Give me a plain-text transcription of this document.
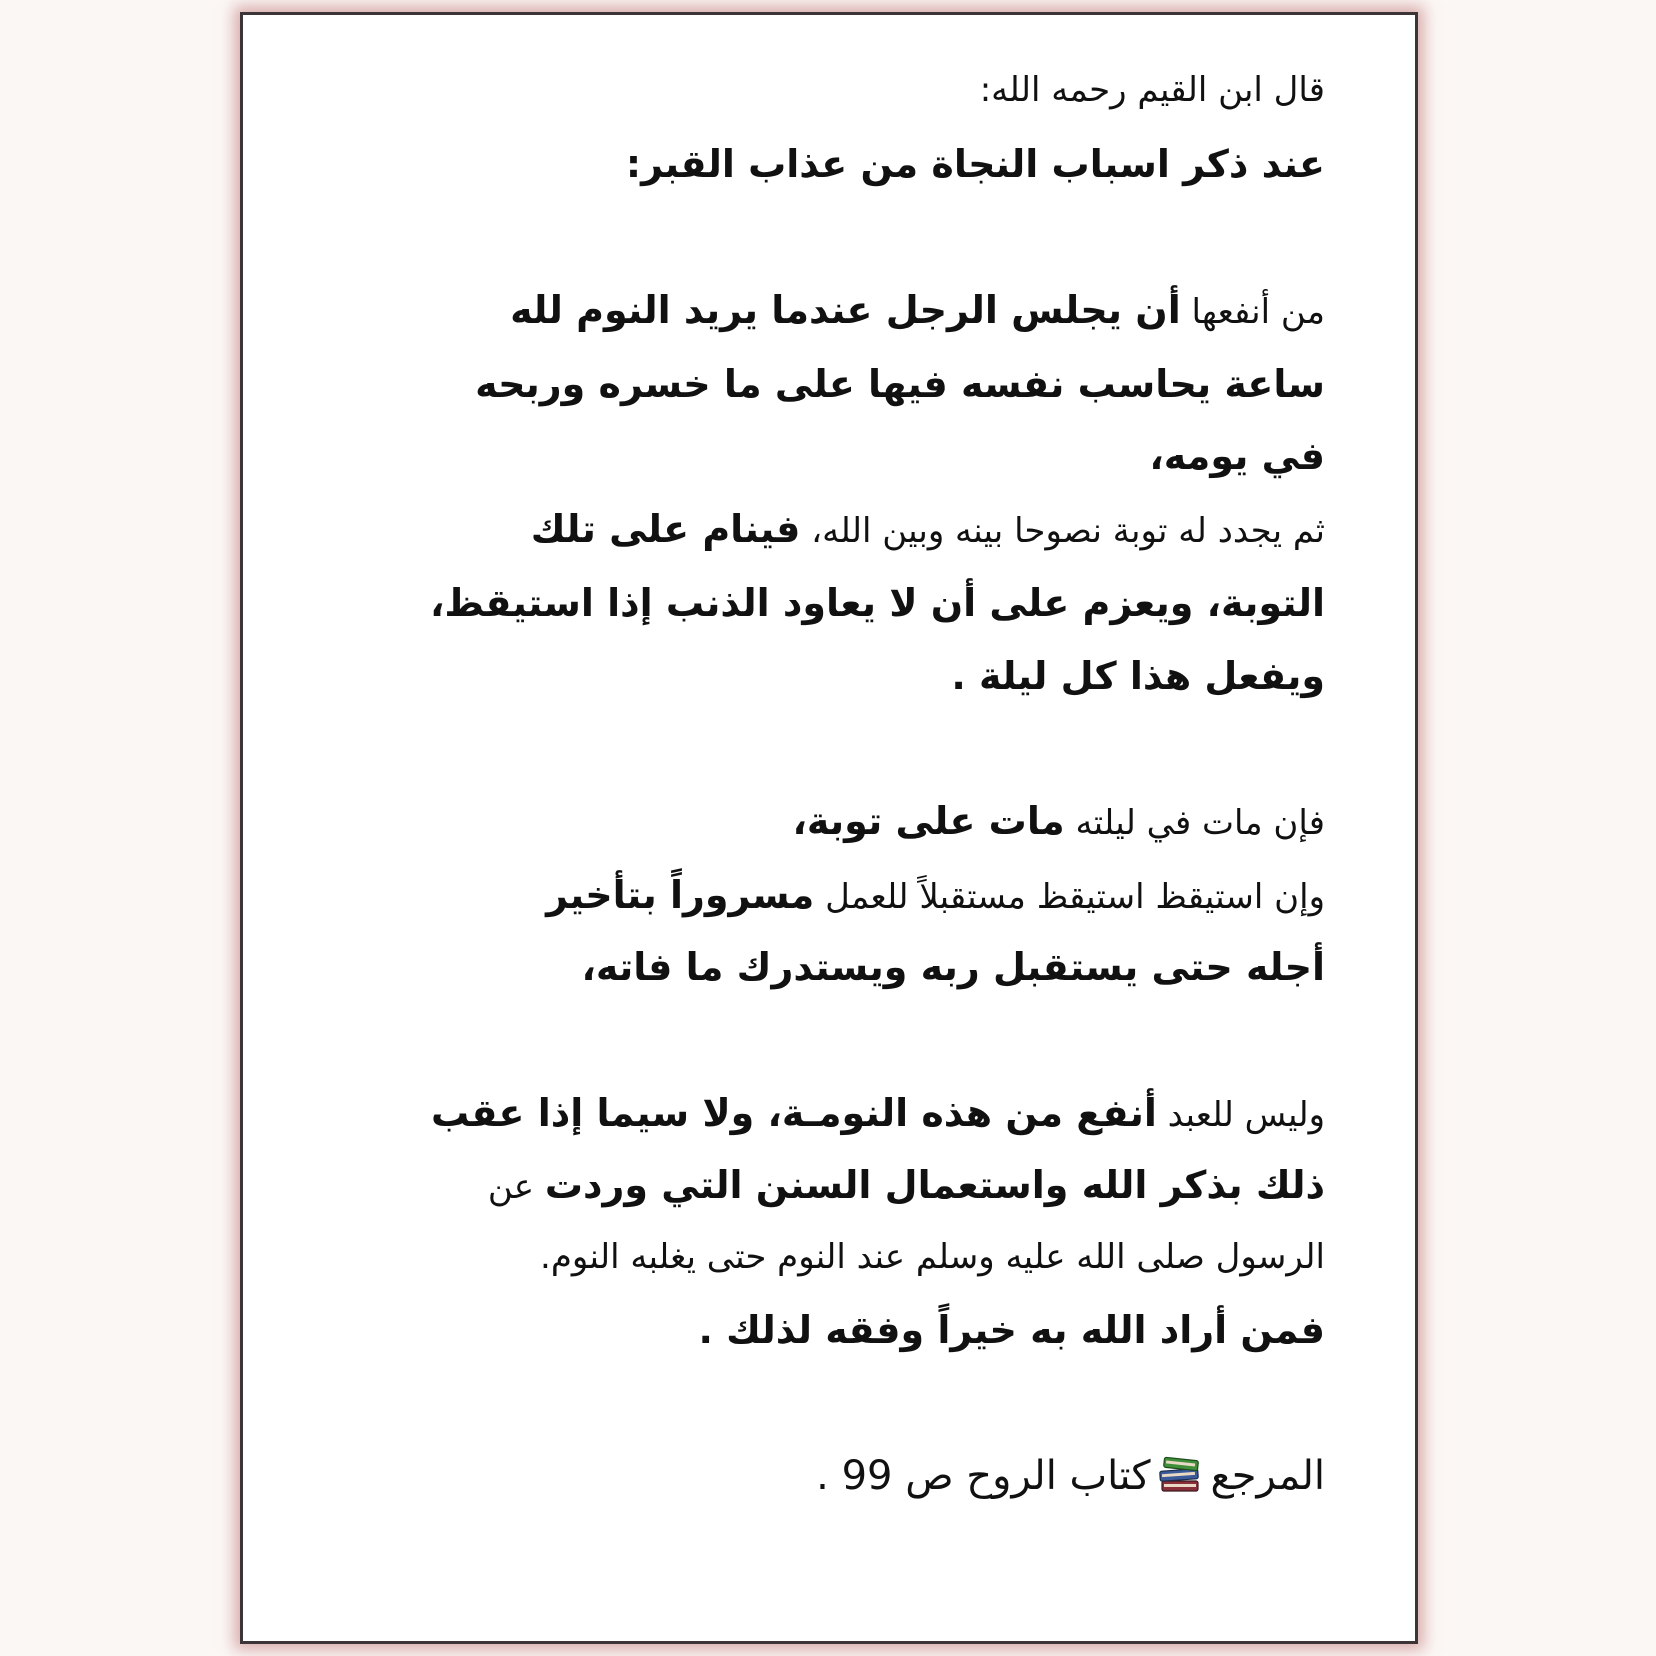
قال ابن القيم رحمه الله:
عند ذكر اسباب النجاة من عذاب القبر:
من أنفعها أن يجلس الرجل عندما يريد النوم لله
ساعة يحاسب نفسه فيها على ما خسره وربحه
في يومه،
ثم يجدد له توبة نصوحا بينه وبين الله، فينام على تلك
التوبة، ويعزم على أن لا يعاود الذنب إذا استيقظ،
ويفعل هذا كل ليلة .
فإن مات في ليلته مات على توبة،
وإن استيقظ استيقظ مستقبلاً للعمل مسروراً بتأخير
أجله حتى يستقبل ربه ويستدرك ما فاته،
وليس للعبد أنفع من هذه النومـة، ولا سيما إذا عقب
ذلك بذكر الله واستعمال السنن التي وردت عن
الرسول صلى الله عليه وسلم عند النوم حتى يغلبه النوم.
فمن أراد الله به خيراً وفقه لذلك .
المرجعكتاب الروح ص 99 .
